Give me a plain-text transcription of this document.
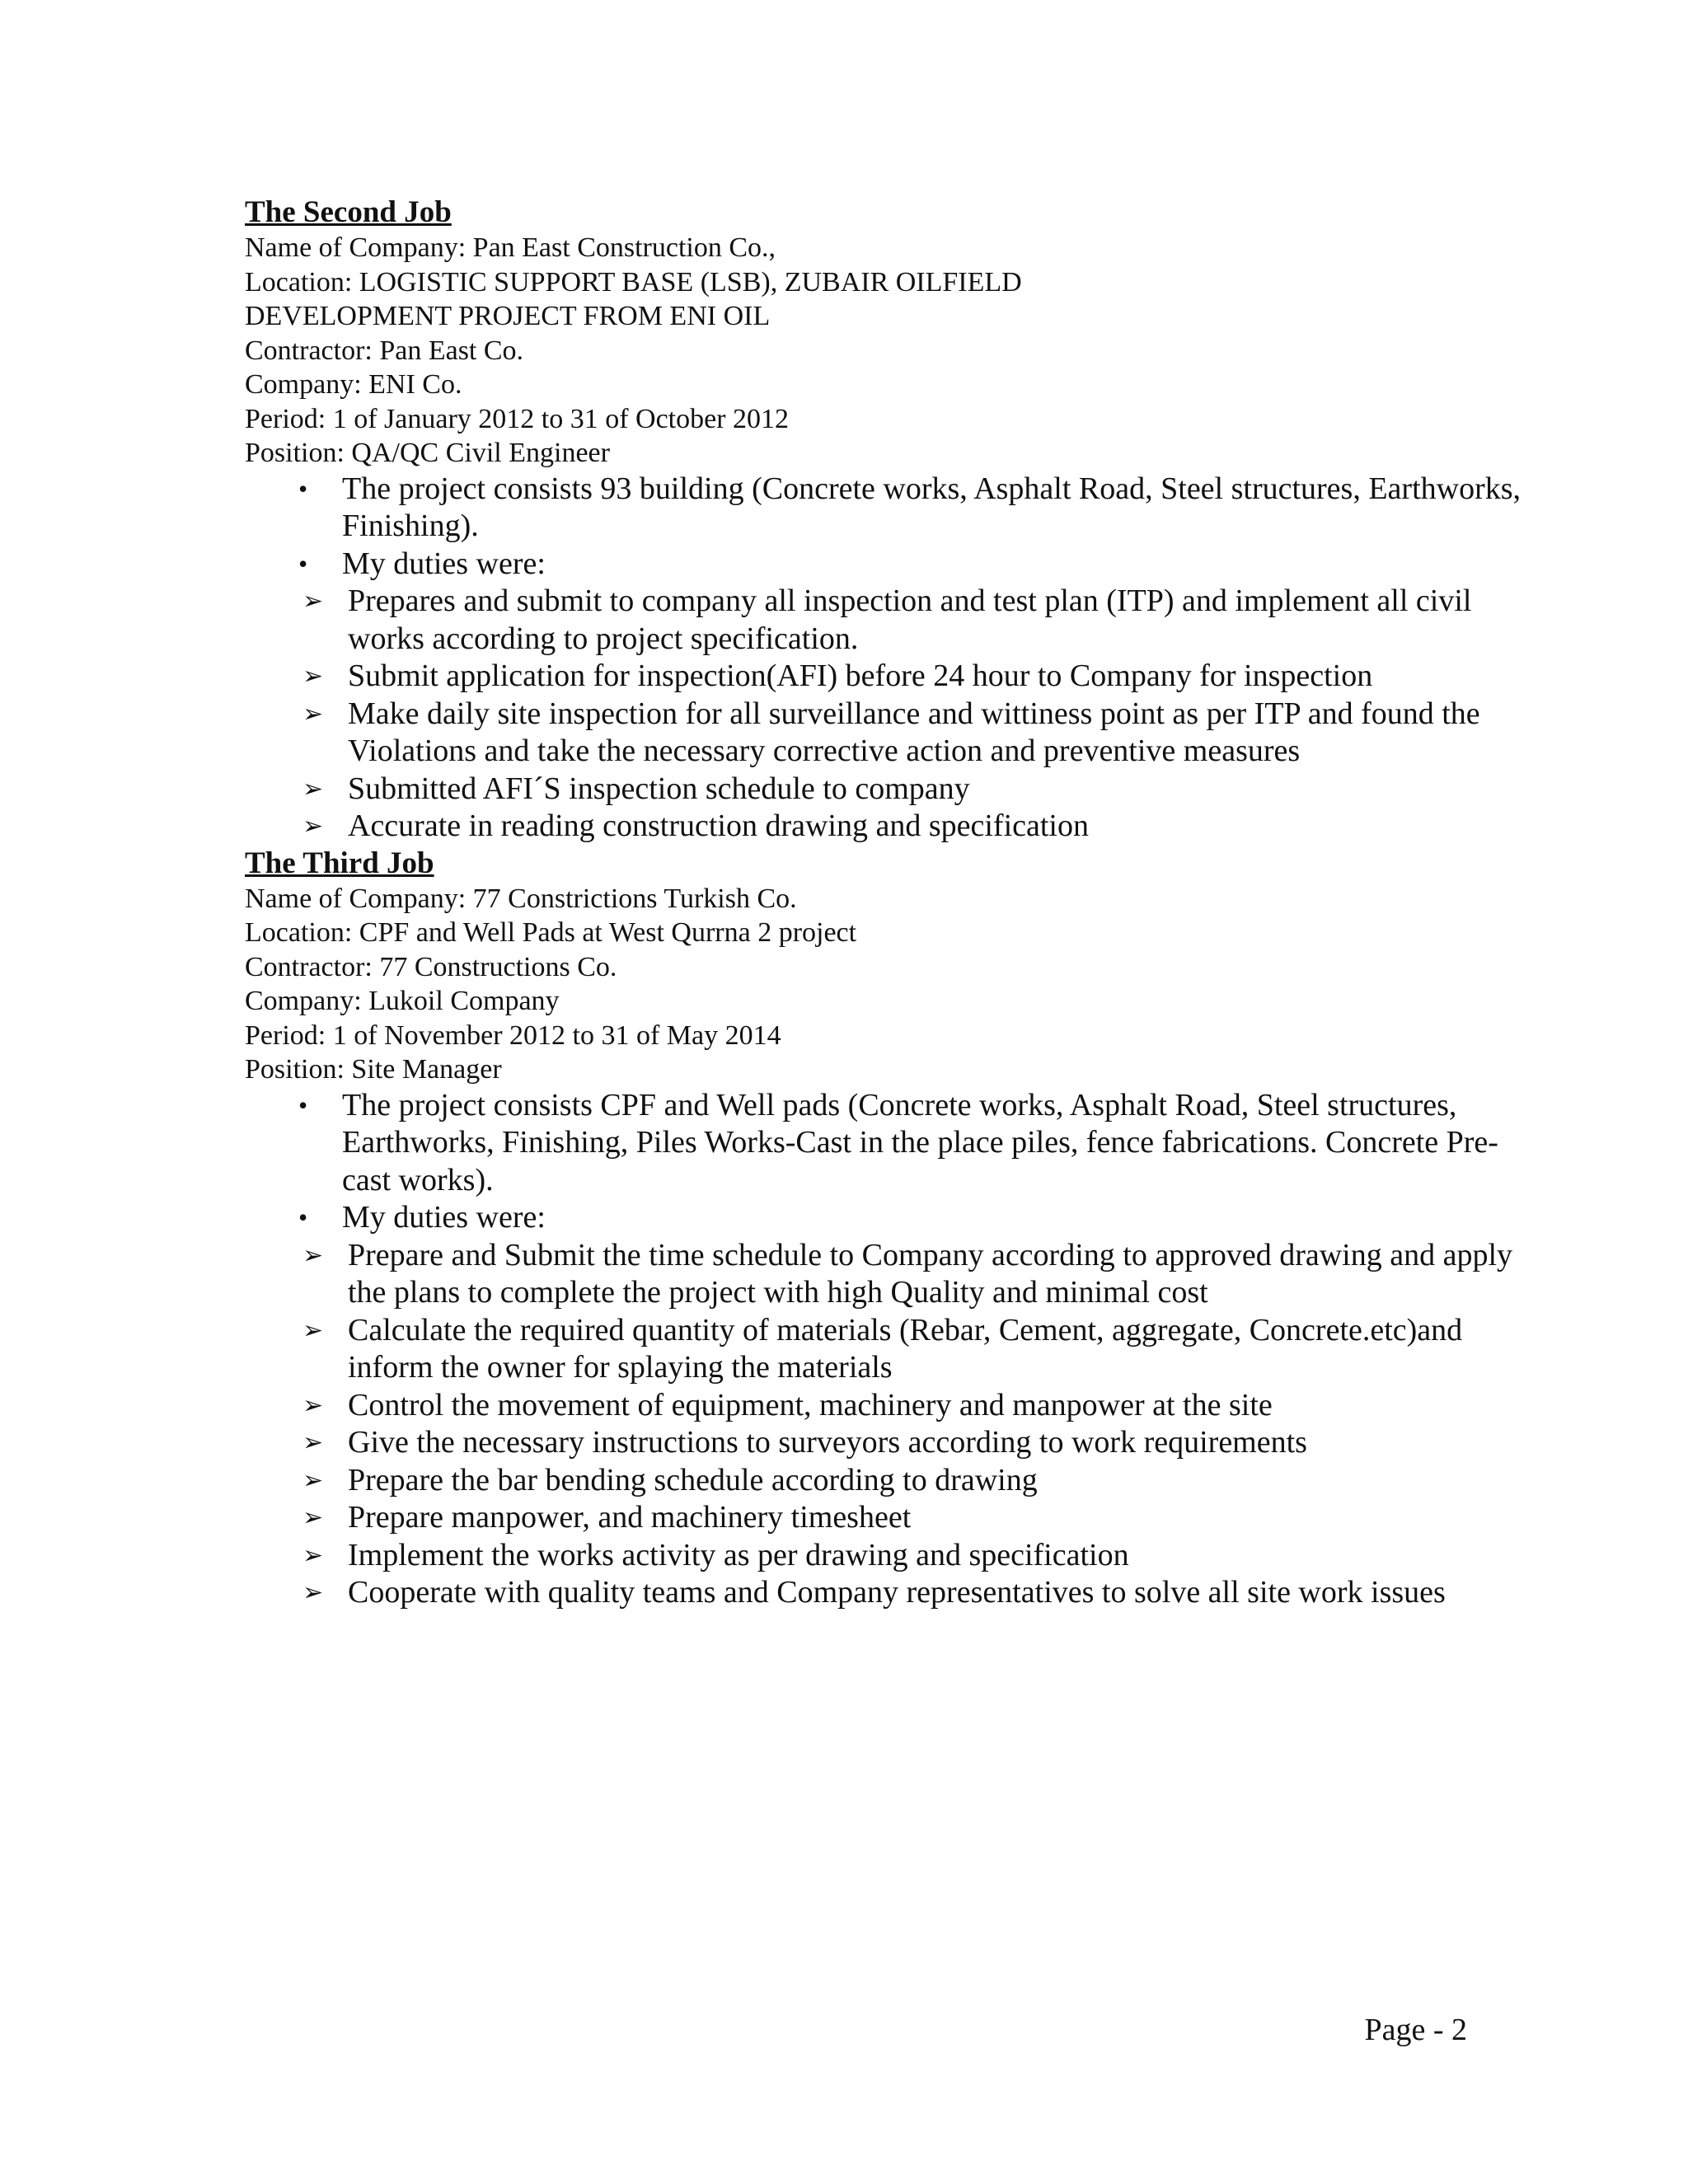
The Second Job

Name of Company: Pan East Construction Co.,

Location: LOGISTIC SUPPORT BASE (LSB), ZUBAIR OILFIELD

DEVELOPMENT PROJECT FROM ENI OIL

Contractor: Pan East Co.

Company: ENI Co.

Period: 1 of January 2012 to 31 of October 2012

Position: QA/QC Civil Engineer

• The project consists 93 building (Concrete works, Asphalt Road, Steel structures, Earthworks, Finishing).
• My duties were:
➢ Prepares and submit to company all inspection and test plan (ITP) and implement all civil works according to project specification.
➢ Submit application for inspection(AFI) before 24 hour to Company for inspection
➢ Make daily site inspection for all surveillance and wittiness point as per ITP and found the Violations and take the necessary corrective action and preventive measures
➢ Submitted AFI´S inspection schedule to company
➢ Accurate in reading construction drawing and specification

The Third Job

Name of Company: 77 Constrictions Turkish Co.

Location: CPF and Well Pads at West Qurrna 2 project

Contractor: 77 Constructions Co.

Company: Lukoil Company

Period: 1 of November 2012 to 31 of May 2014

Position: Site Manager

• The project consists CPF and Well pads (Concrete works, Asphalt Road, Steel structures, Earthworks, Finishing, Piles Works-Cast in the place piles, fence fabrications. Concrete Pre-cast works).
• My duties were:
➢ Prepare and Submit the time schedule to Company according to approved drawing and apply the plans to complete the project with high Quality and minimal cost
➢ Calculate the required quantity of materials (Rebar, Cement, aggregate, Concrete.etc)and inform the owner for splaying the materials
➢ Control the movement of equipment, machinery and manpower at the site
➢ Give the necessary instructions to surveyors according to work requirements
➢ Prepare the bar bending schedule according to drawing
➢ Prepare manpower, and machinery timesheet
➢ Implement the works activity as per drawing and specification
➢ Cooperate with quality teams and Company representatives to solve all site work issues
Page - 2
